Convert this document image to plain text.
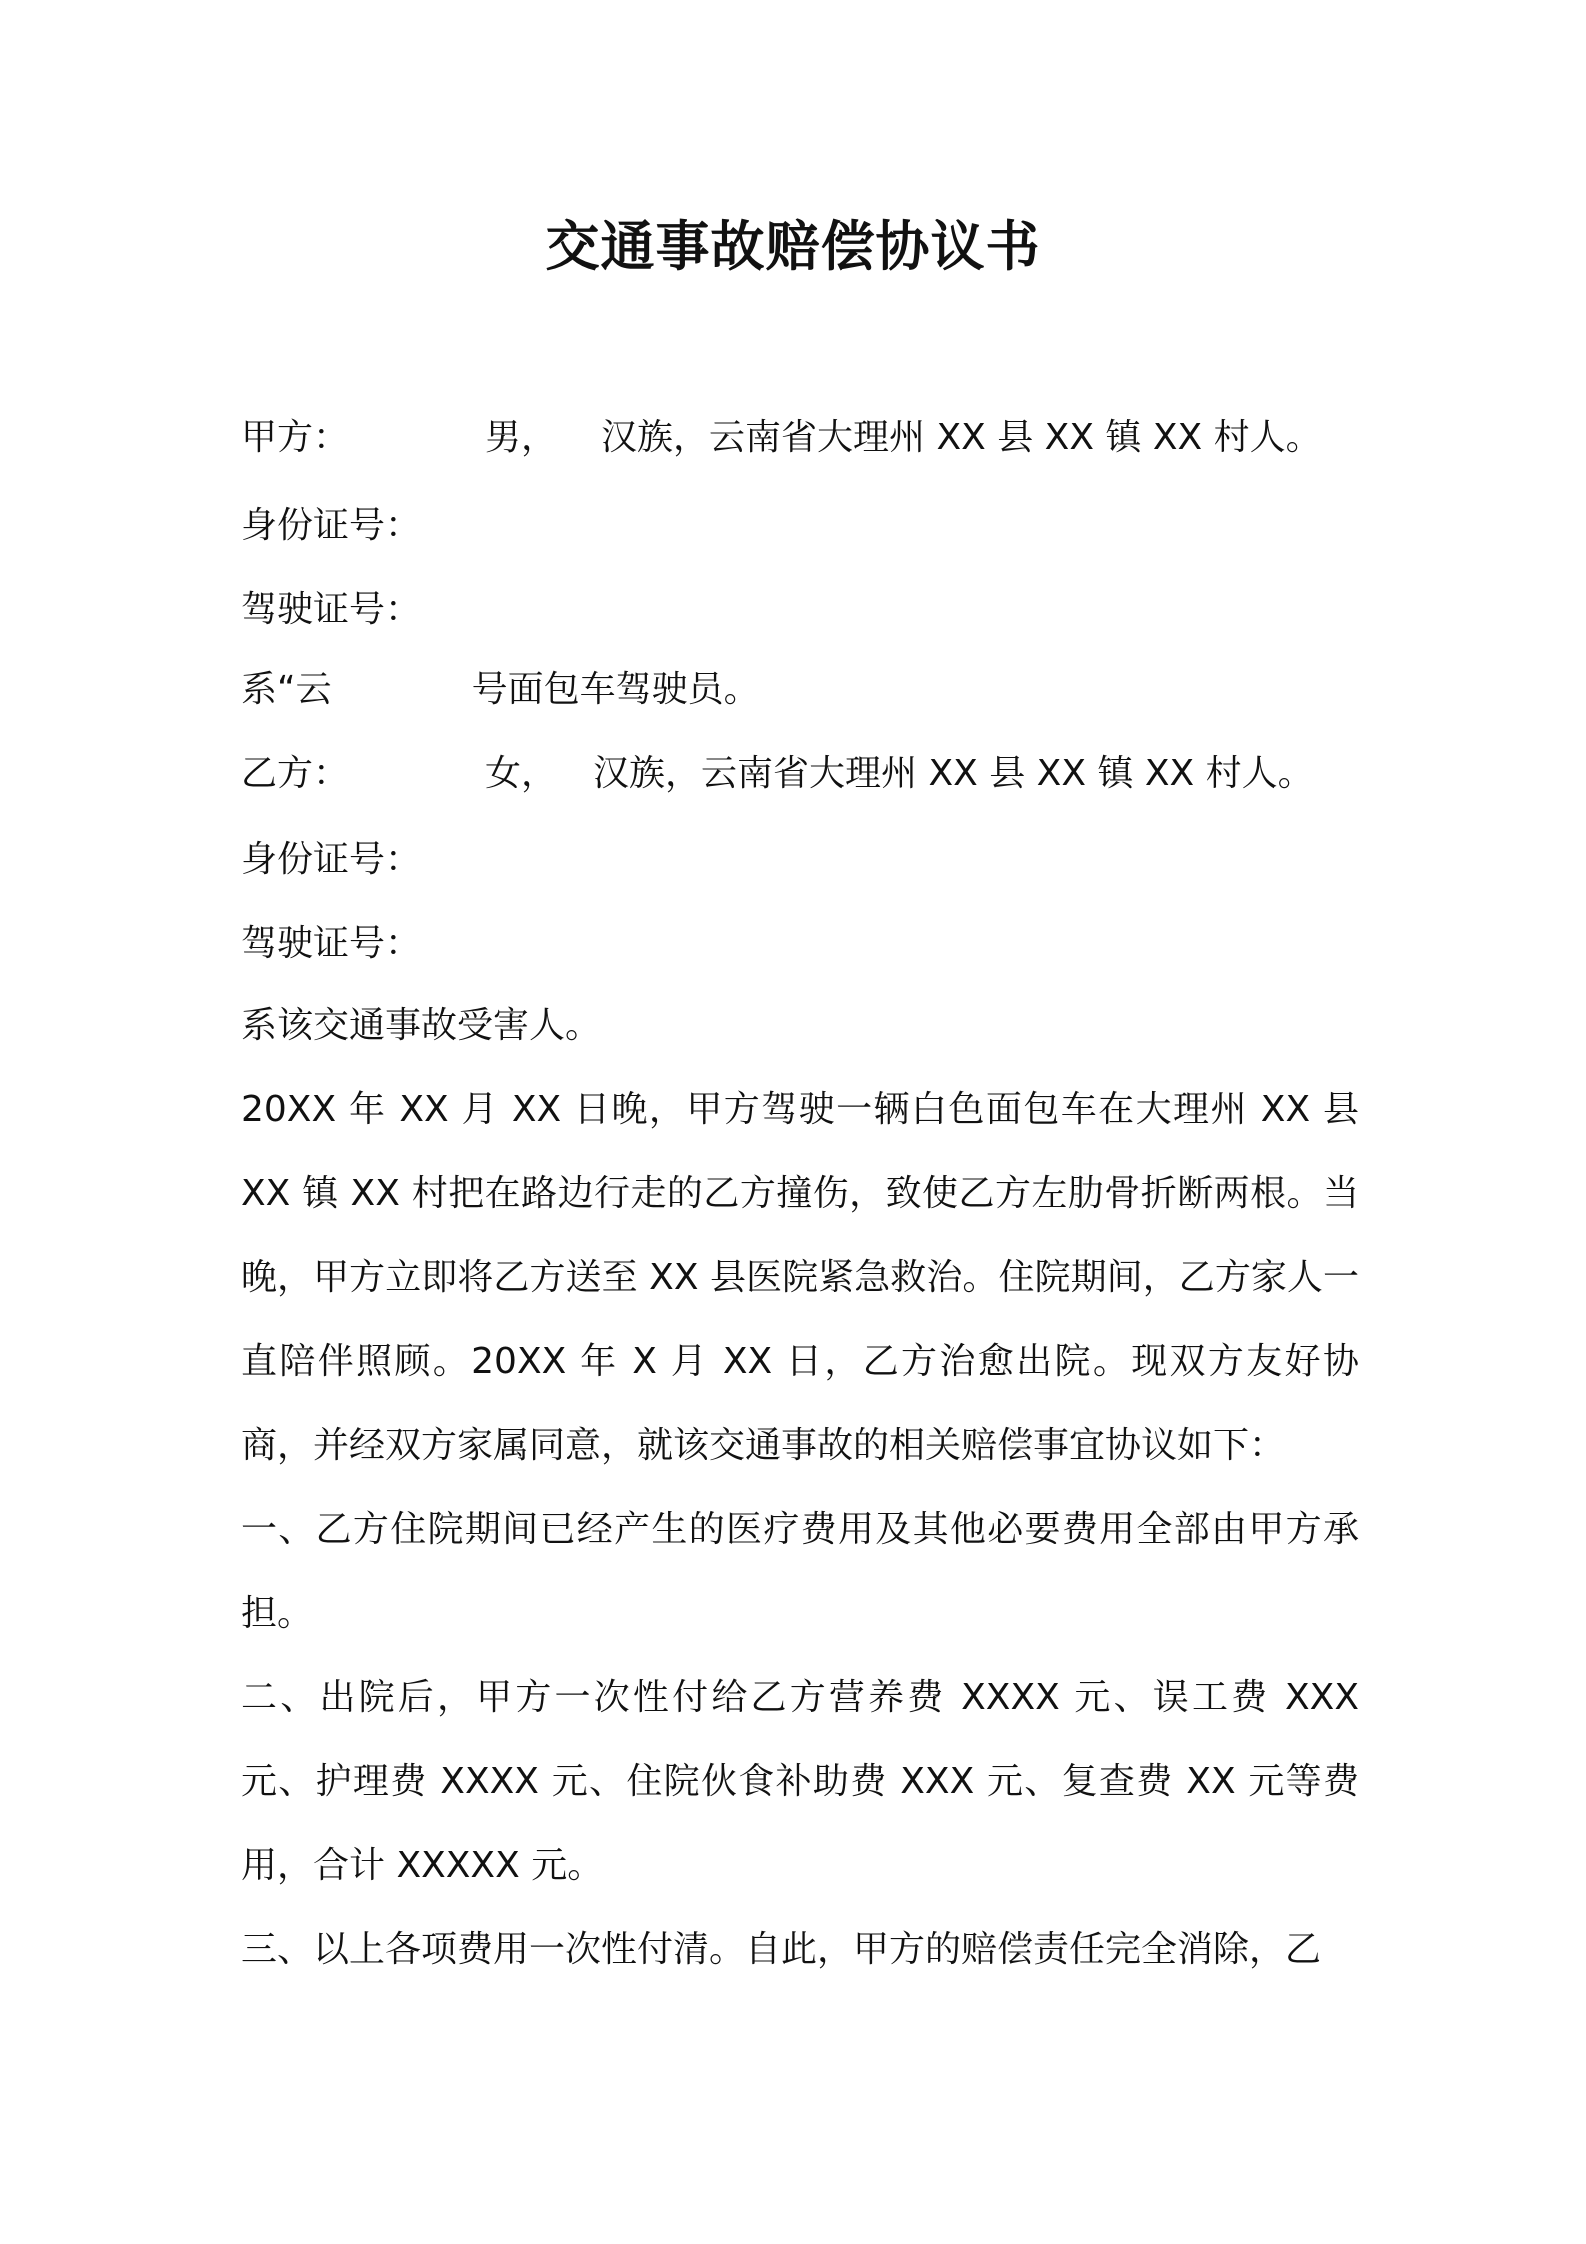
交通事故赔偿协议书

甲方：	男， 汉族，云南省大理州 XX 县 XX 镇 XX 村人。

身份证号：

驾驶证号：

系“云	号面包车驾驶员。

乙方：	女， 汉族，云南省大理州 XX 县 XX 镇 XX 村人。

身份证号：

驾驶证号：

系该交通事故受害人。

20XX 年 XX 月 XX 日晚，甲方驾驶一辆白色面包车在大理州 XX 县 XX 镇 XX 村把在路边行走的乙方撞伤，致使乙方左肋骨折断两根。当晚，甲方立即将乙方送至 XX 县医院紧急救治。住院期间，乙方家人一直陪伴照顾。20XX 年 X 月 XX 日，乙方治愈出院。现双方友好协商，并经双方家属同意，就该交通事故的相关赔偿事宜协议如下：

一、乙方住院期间已经产生的医疗费用及其他必要费用全部由甲方承担。

二、出院后，甲方一次性付给乙方营养费 XXXX 元、误工费 XXX 元、护理费 XXXX 元、住院伙食补助费 XXX 元、复查费 XX 元等费用，合计 XXXXX 元。

三、以上各项费用一次性付清。自此，甲方的赔偿责任完全消除，乙
